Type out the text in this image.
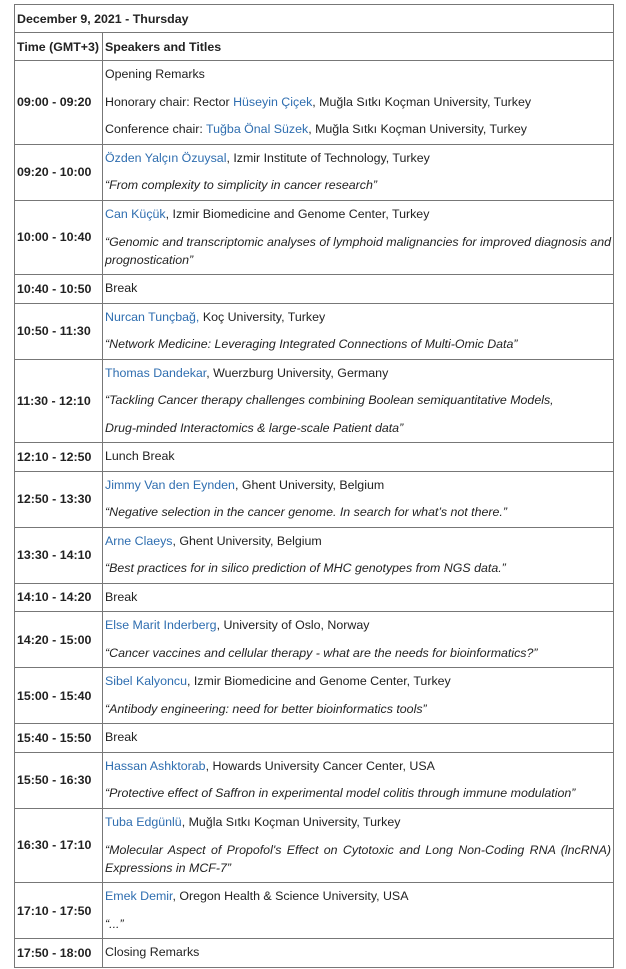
December 9, 2021 - Thursday	
Time (GMT+3)	Speakers and Titles
09:00 - 09:20	Opening Remarks
Honorary chair: Rector Hüseyin Çiçek, Muğla Sıtkı Koçman University, Turkey
Conference chair: Tuğba Önal Süzek, Muğla Sıtkı Koçman University, Turkey

09:20 - 10:00	Özden Yalçın Özuysal, Izmir Institute of Technology, Turkey
“From complexity to simplicity in cancer research”

10:00 - 10:40	Can Küçük, Izmir Biomedicine and Genome Center, Turkey
“Genomic and transcriptomic analyses of lymphoid malignancies for improved diagnosis and prognostication”

10:40 - 10:50	Break

10:50 - 11:30	Nurcan Tunçbağ, Koç University, Turkey
“Network Medicine: Leveraging Integrated Connections of Multi-Omic Data”

11:30 - 12:10	Thomas Dandekar, Wuerzburg University, Germany
“Tackling Cancer therapy challenges combining Boolean semiquantitative Models,
Drug-minded Interactomics & large-scale Patient data”

12:10 - 12:50	Lunch Break

12:50 - 13:30	Jimmy Van den Eynden, Ghent University, Belgium
“Negative selection in the cancer genome. In search for what’s not there.”

13:30 - 14:10	Arne Claeys, Ghent University, Belgium
“Best practices for in silico prediction of MHC genotypes from NGS data.”

14:10 - 14:20	Break

14:20 - 15:00	Else Marit Inderberg, University of Oslo, Norway
“Cancer vaccines and cellular therapy - what are the needs for bioinformatics?”

15:00 - 15:40	Sibel Kalyoncu, Izmir Biomedicine and Genome Center, Turkey
“Antibody engineering: need for better bioinformatics tools”

15:40 - 15:50	Break

15:50 - 16:30	Hassan Ashktorab, Howards University Cancer Center, USA
“Protective effect of Saffron in experimental model colitis through immune modulation”

16:30 - 17:10	Tuba Edgünlü, Muğla Sıtkı Koçman University, Turkey
“Molecular Aspect of Propofol's Effect on Cytotoxic and Long Non-Coding RNA (lncRNA) Expressions in MCF-7”

17:10 - 17:50	Emek Demir, Oregon Health & Science University, USA
“...”

17:50 - 18:00	Closing Remarks
